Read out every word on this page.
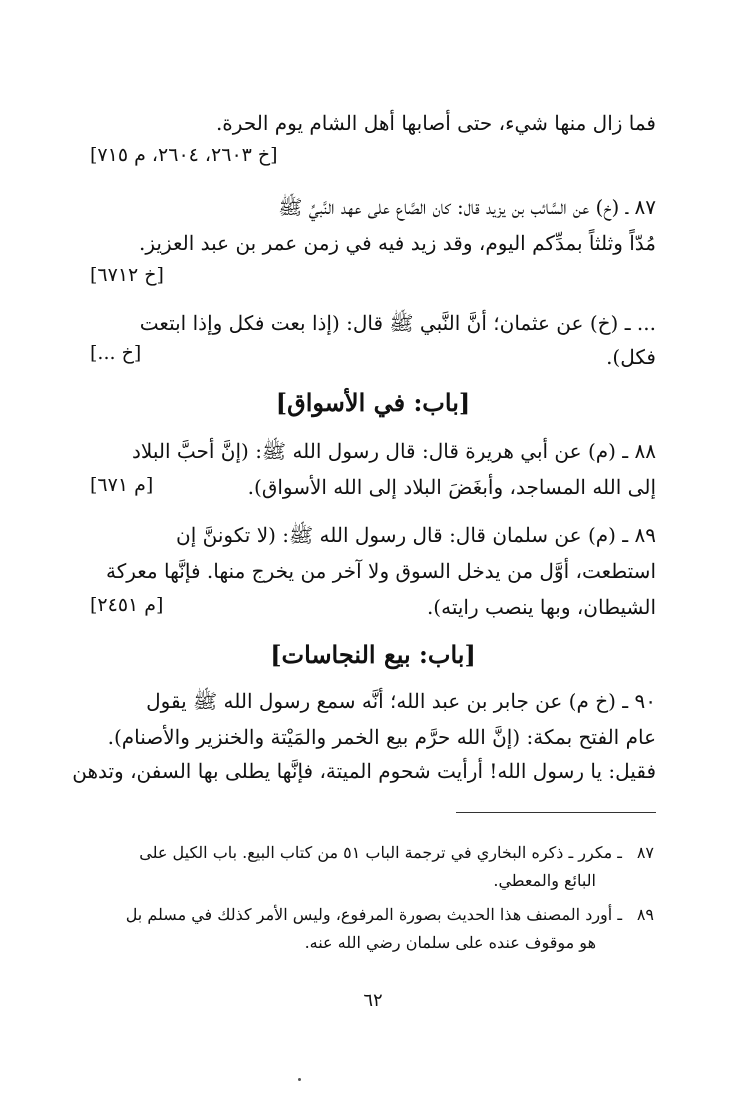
فما زال منها شيء، حتى أصابها أهل الشام يوم الحرة.
[خ ٢٦٠٣، ٢٦٠٤، م ٧١٥]
٨٧ ـ (خ) عن السَّائب بن يزيد قال: كان الصَّاع على عهد النَّبيِّ ﷺ
مُدّاً وثلثاً بمدِّكم اليوم، وقد زيد فيه في زمن عمر بن عبد العزيز.
[خ ٦٧١٢]
... ـ (خ) عن عثمان؛ أنَّ النَّبي ﷺ قال: (إذا بعت فكل وإذا ابتعت
فكل).
[خ ...]
[باب: في الأسواق]
٨٨ ـ (م) عن أبي هريرة قال: قال رسول الله ﷺ: (إنَّ أحبَّ البلاد
إلى الله المساجد، وأبغَضَ البلاد إلى الله الأسواق).
[م ٦٧١]
٨٩ ـ (م) عن سلمان قال: قال رسول الله ﷺ: (لا تكوننَّ إن
استطعت، أوَّل من يدخل السوق ولا آخر من يخرج منها. فإنَّها معركة
الشيطان، وبها ينصب رايته).
[م ٢٤٥١]
[باب: بيع النجاسات]
٩٠ ـ (خ م) عن جابر بن عبد الله؛ أنَّه سمع رسول الله ﷺ يقول
عام الفتح بمكة: (إنَّ الله حرَّم بيع الخمر والمَيْتة والخنزير والأصنام).
فقيل: يا رسول الله! أرأيت شحوم الميتة، فإنَّها يطلى بها السفن، وتدهن
٨٧
ـ مكرر ـ ذكره البخاري في ترجمة الباب ٥١ من كتاب البيع. باب الكيل على
البائع والمعطي.
٨٩
ـ أورد المصنف هذا الحديث بصورة المرفوع، وليس الأمر كذلك في مسلم بل
هو موقوف عنده على سلمان رضي الله عنه.
٦٢
